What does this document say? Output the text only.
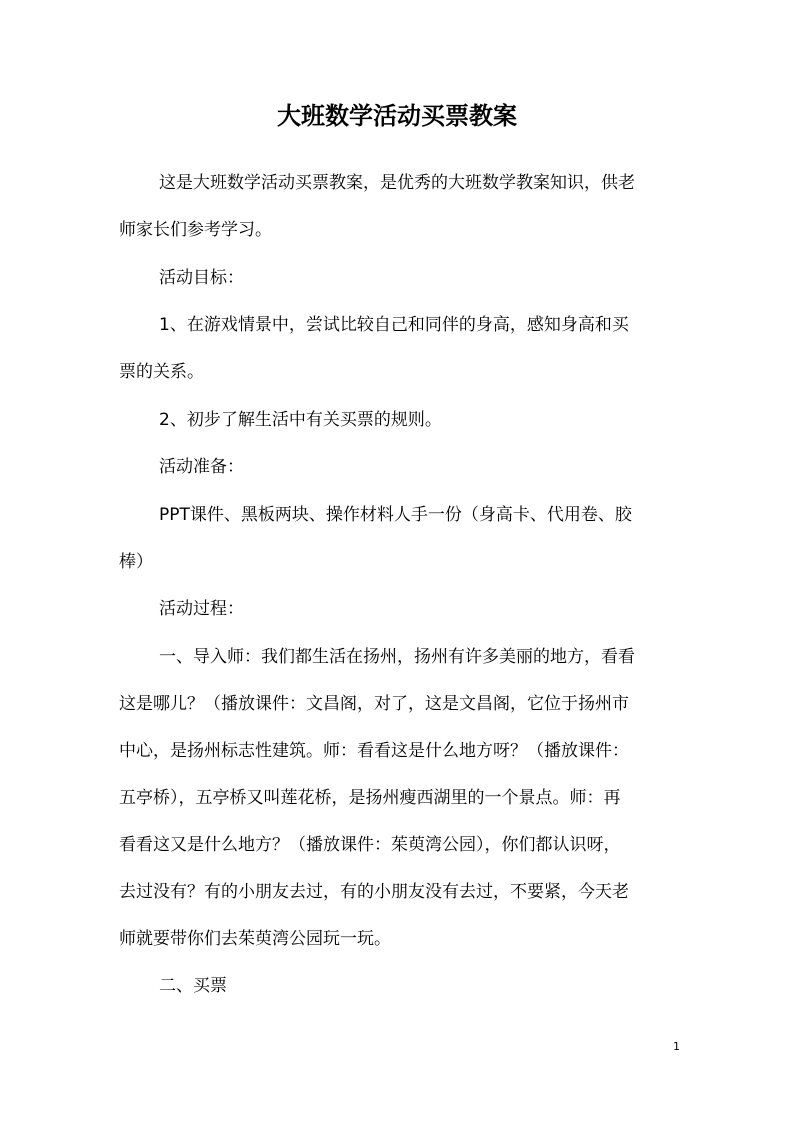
大班数学活动买票教案

这是大班数学活动买票教案，是优秀的大班数学教案知识，供老
师家长们参考学习。

活动目标：

1、在游戏情景中，尝试比较自己和同伴的身高，感知身高和买
票的关系。

2、初步了解生活中有关买票的规则。

活动准备：

PPT课件、黑板两块、操作材料人手一份（身高卡、代用卷、胶
棒）

活动过程：

一、导入师：我们都生活在扬州，扬州有许多美丽的地方，看看
这是哪儿？（播放课件：文昌阁，对了，这是文昌阁，它位于扬州市
中心，是扬州标志性建筑。师：看看这是什么地方呀？（播放课件：
五亭桥），五亭桥又叫莲花桥，是扬州瘦西湖里的一个景点。师：再
看看这又是什么地方？（播放课件：茱萸湾公园），你们都认识呀，
去过没有？有的小朋友去过，有的小朋友没有去过，不要紧，今天老
师就要带你们去茱萸湾公园玩一玩。

二、买票

1
